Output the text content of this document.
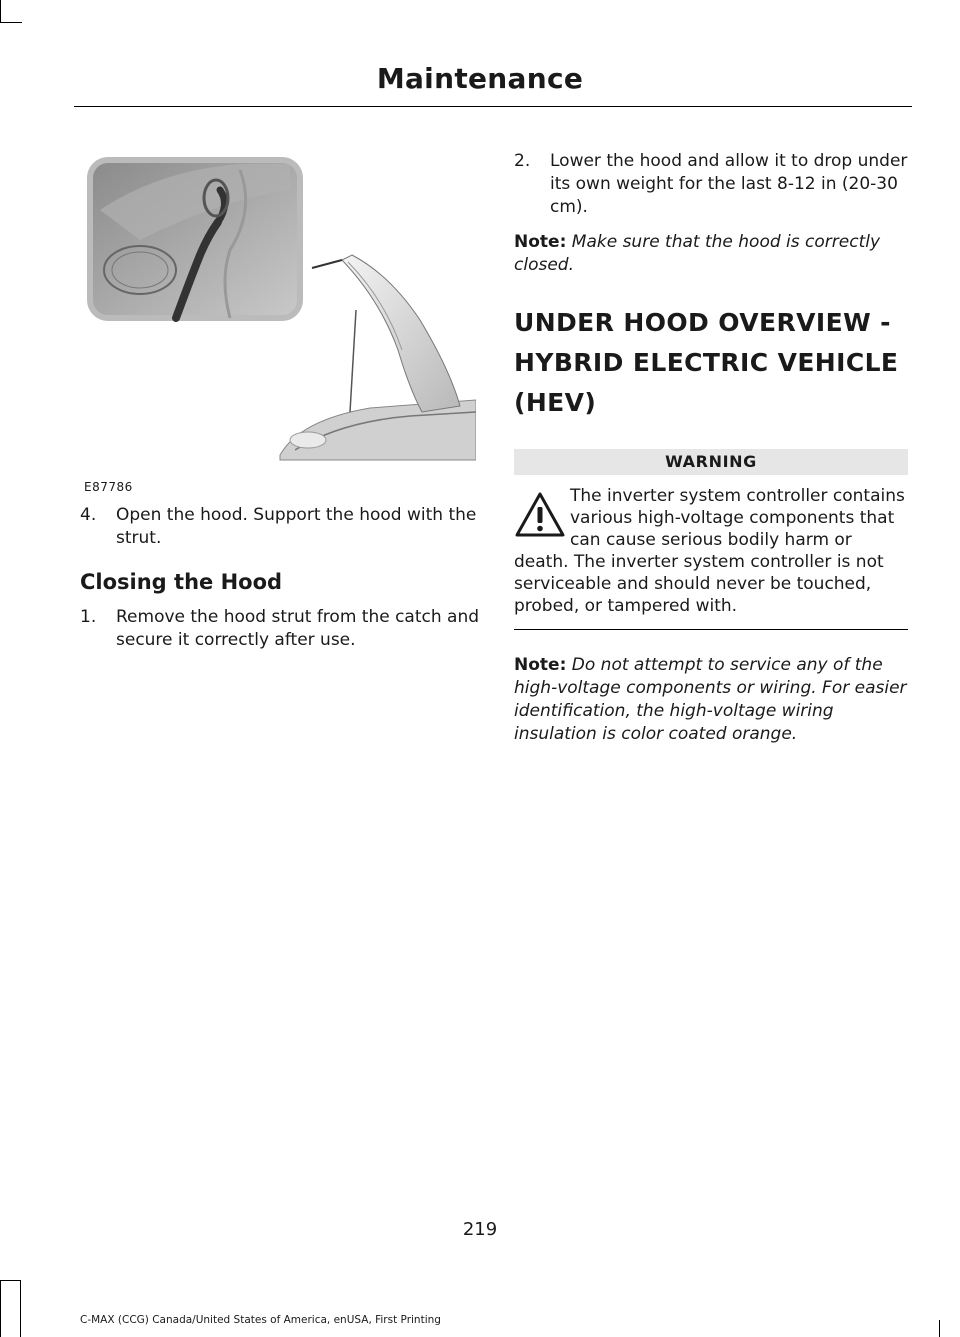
Maintenance
E87786
4.	Open the hood. Support the hood with the strut.
Closing the Hood
1.	Remove the hood strut from the catch and secure it correctly after use.
2.	Lower the hood and allow it to drop under its own weight for the last 8-12 in (20-30 cm).

Note: Make sure that the hood is correctly closed.

UNDER HOOD OVERVIEW -
HYBRID ELECTRIC VEHICLE
(HEV)
WARNING
The inverter system controller contains various high-voltage components that can cause serious bodily harm or death. The inverter system controller is not serviceable and should never be touched, probed, or tampered with.

Note: Do not attempt to service any of the high-voltage components or wiring. For easier identification, the high-voltage wiring insulation is color coated orange.

219
C-MAX (CCG) Canada/United States of America, enUSA, First Printing
